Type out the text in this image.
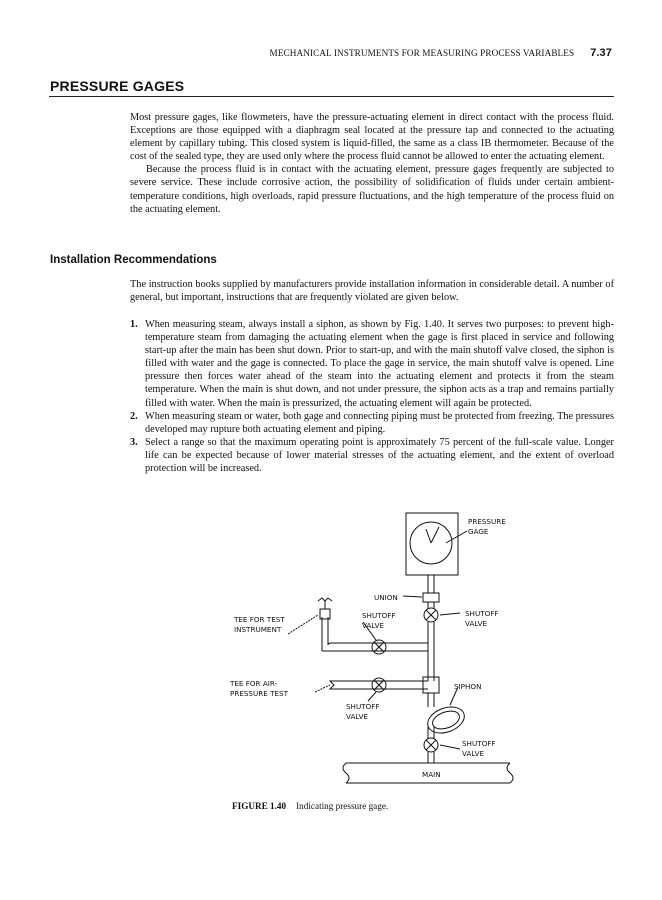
MECHANICAL INSTRUMENTS FOR MEASURING PROCESS VARIABLES 7.37
PRESSURE GAGES

Most pressure gages, like flowmeters, have the pressure-actuating element in direct contact with the process fluid. Exceptions are those equipped with a diaphragm seal located at the pressure tap and connected to the actuating element by capillary tubing. This closed system is liquid-filled, the same as a class IB thermometer. Because of the cost of the sealed type, they are used only where the process fluid cannot be allowed to enter the actuating element.

Because the process fluid is in contact with the actuating element, pressure gages frequently are subjected to severe service. These include corrosive action, the possibility of solidification of fluids under certain ambient-temperature conditions, high overloads, rapid pressure fluctuations, and the high temperature of the process fluid on the actuating element.

Installation Recommendations

The instruction books supplied by manufacturers provide installation information in considerable detail. A number of general, but important, instructions that are frequently violated are given below.

1. When measuring steam, always install a siphon, as shown by Fig. 1.40. It serves two purposes: to prevent high-temperature steam from damaging the actuating element when the gage is first placed in service and following start-up after the main has been shut down. Prior to start-up, and with the main shutoff valve closed, the siphon is filled with water and the gage is connected. To place the gage in service, the main shutoff valve is opened. Line pressure then forces water ahead of the steam into the actuating element and protects it from the steam temperature. When the main is shut down, and not under pressure, the siphon acts as a trap and remains partially filled with water. When the main is pressurized, the actuating element will again be protected.
2. When measuring steam or water, both gage and connecting piping must be protected from freezing. The pressures developed may rupture both actuating element and piping.
3. Select a range so that the maximum operating point is approximately 75 percent of the full-scale value. Longer life can be expected because of lower material stresses of the actuating element, and the extent of overload protection will be increased.
PRESSURE
GAGE
UNION
SHUTOFF
VALVE
TEE FOR TEST
INSTRUMENT
SHUTOFF
VALVE
TEE FOR AIR-
PRESSURE TEST
SIPHON
SHUTOFF
VALVE
SHUTOFF
VALVE
MAIN
FIGURE 1.40 Indicating pressure gage.
